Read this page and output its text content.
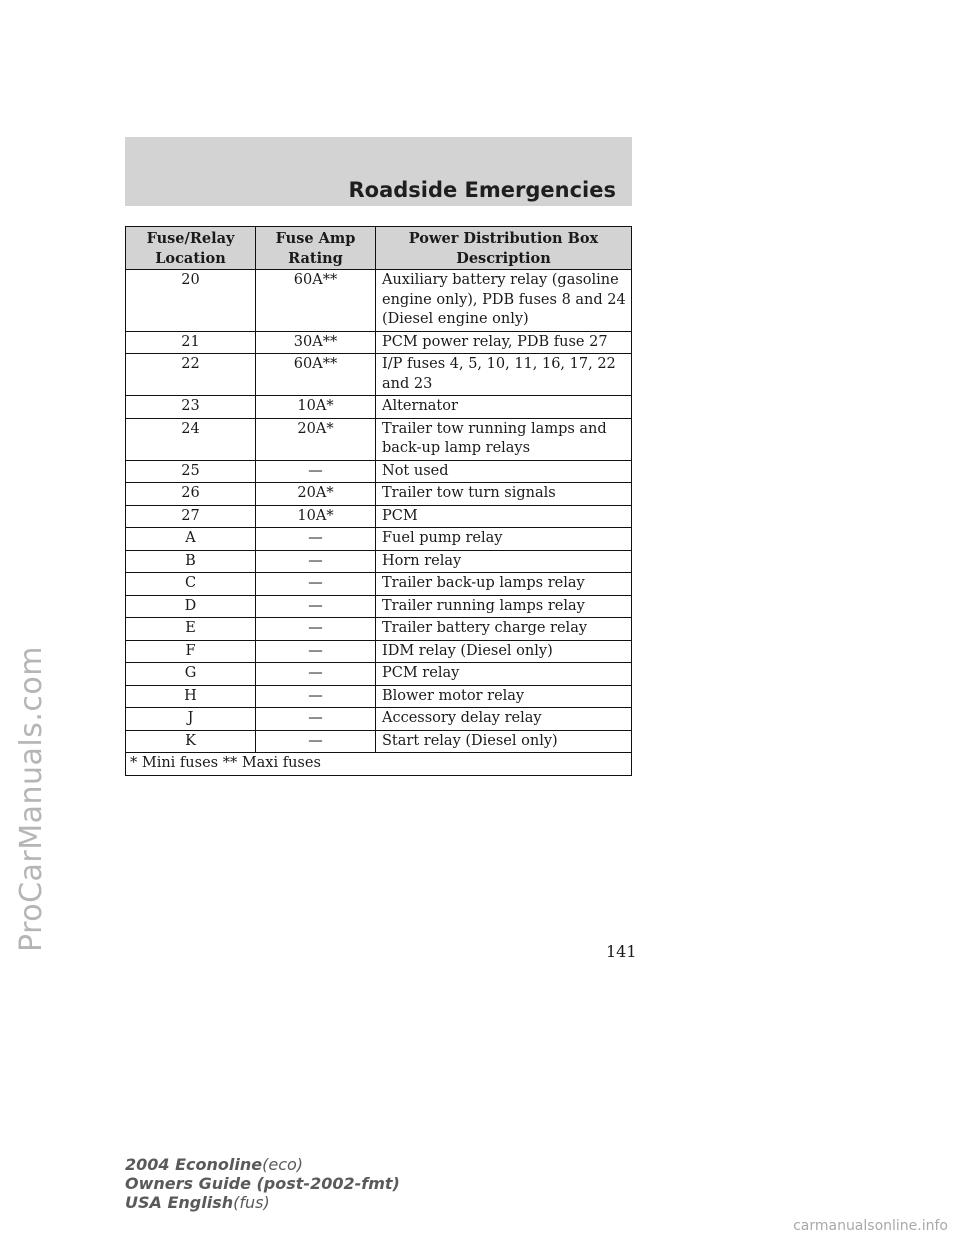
ProCarManuals.com
Roadside Emergencies
Fuse/Relay Location	Fuse Amp Rating	Power Distribution Box Description
20	60A**	Auxiliary battery relay (gasoline engine only), PDB fuses 8 and 24 (Diesel engine only)
21	30A**	PCM power relay, PDB fuse 27
22	60A**	I/P fuses 4, 5, 10, 11, 16, 17, 22 and 23
23	10A*	Alternator
24	20A*	Trailer tow running lamps and back-up lamp relays
25	—	Not used
26	20A*	Trailer tow turn signals
27	10A*	PCM
A	—	Fuel pump relay
B	—	Horn relay
C	—	Trailer back-up lamps relay
D	—	Trailer running lamps relay
E	—	Trailer battery charge relay
F	—	IDM relay (Diesel only)
G	—	PCM relay
H	—	Blower motor relay
J	—	Accessory delay relay
K	—	Start relay (Diesel only)
* Mini fuses ** Maxi fuses		
141
2004 Econoline(eco)
Owners Guide (post-2002-fmt)
USA English(fus)
carmanualsonline.info
